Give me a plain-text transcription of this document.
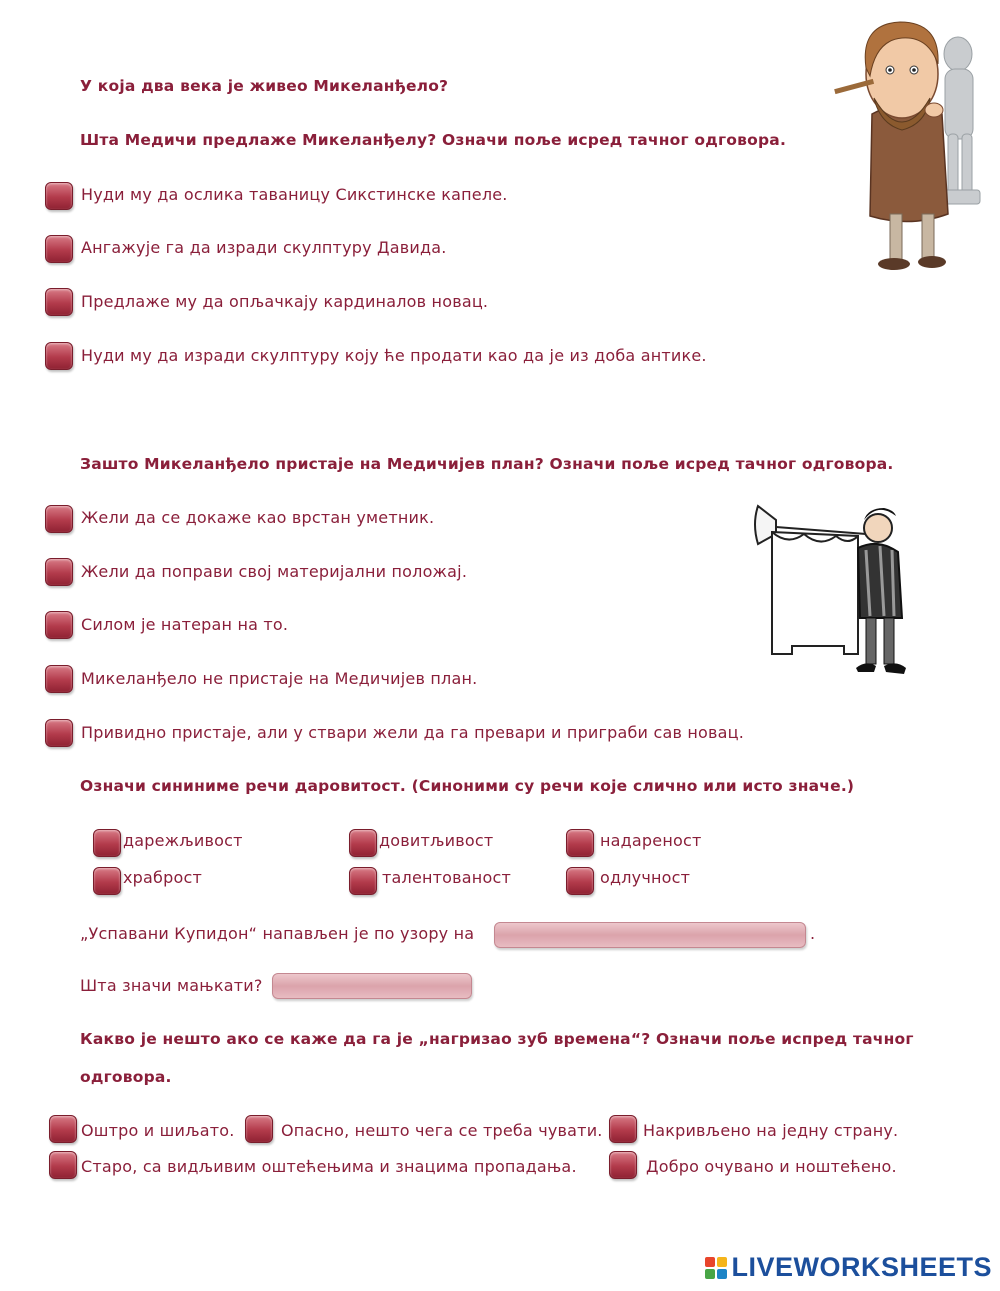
У која два века је живео Микеланђело?
Шта Медичи предлаже Микеланђелу? Означи поље исред тачног одговора.
Нуди му да ослика таваницу Сикстинске капеле.
Ангажује га да изради скулптуру Давида.
Предлаже му да опљачкају кардиналов новац.
Нуди му да изради скулптуру коју ће продати као да је из доба антике.
Зашто Микеланђело пристаје на Медичијев план? Означи поље исред тачног одговора.
Жели да се докаже као врстан уметник.
Жели да поправи свој материјални положај.
Силом је натеран на то.
Микеланђело не пристаје на Медичијев план.
Привидно пристаје, али у ствари жели да га превари и приграби сав новац.
Означи сининиме речи даровитост. (Синоними су речи које слично или исто значе.)
дарежљивост	довитљивост	надареност
храброст	талентованост	одлучност
„Успавани Купидон“ напављен је по узору на	.
Шта значи мањкати?
Какво је нешто ако се каже да га је „нагризао зуб времена“? Означи поље испред тачног
одговора.
Оштро и шиљато.	Опасно, нешто чега се треба чувати.	Накривљено на једну страну.
Старо, са видљивим оштећењима и знацима пропадања.	Добро очувано и ноштећено.
LIVEWORKSHEETS
